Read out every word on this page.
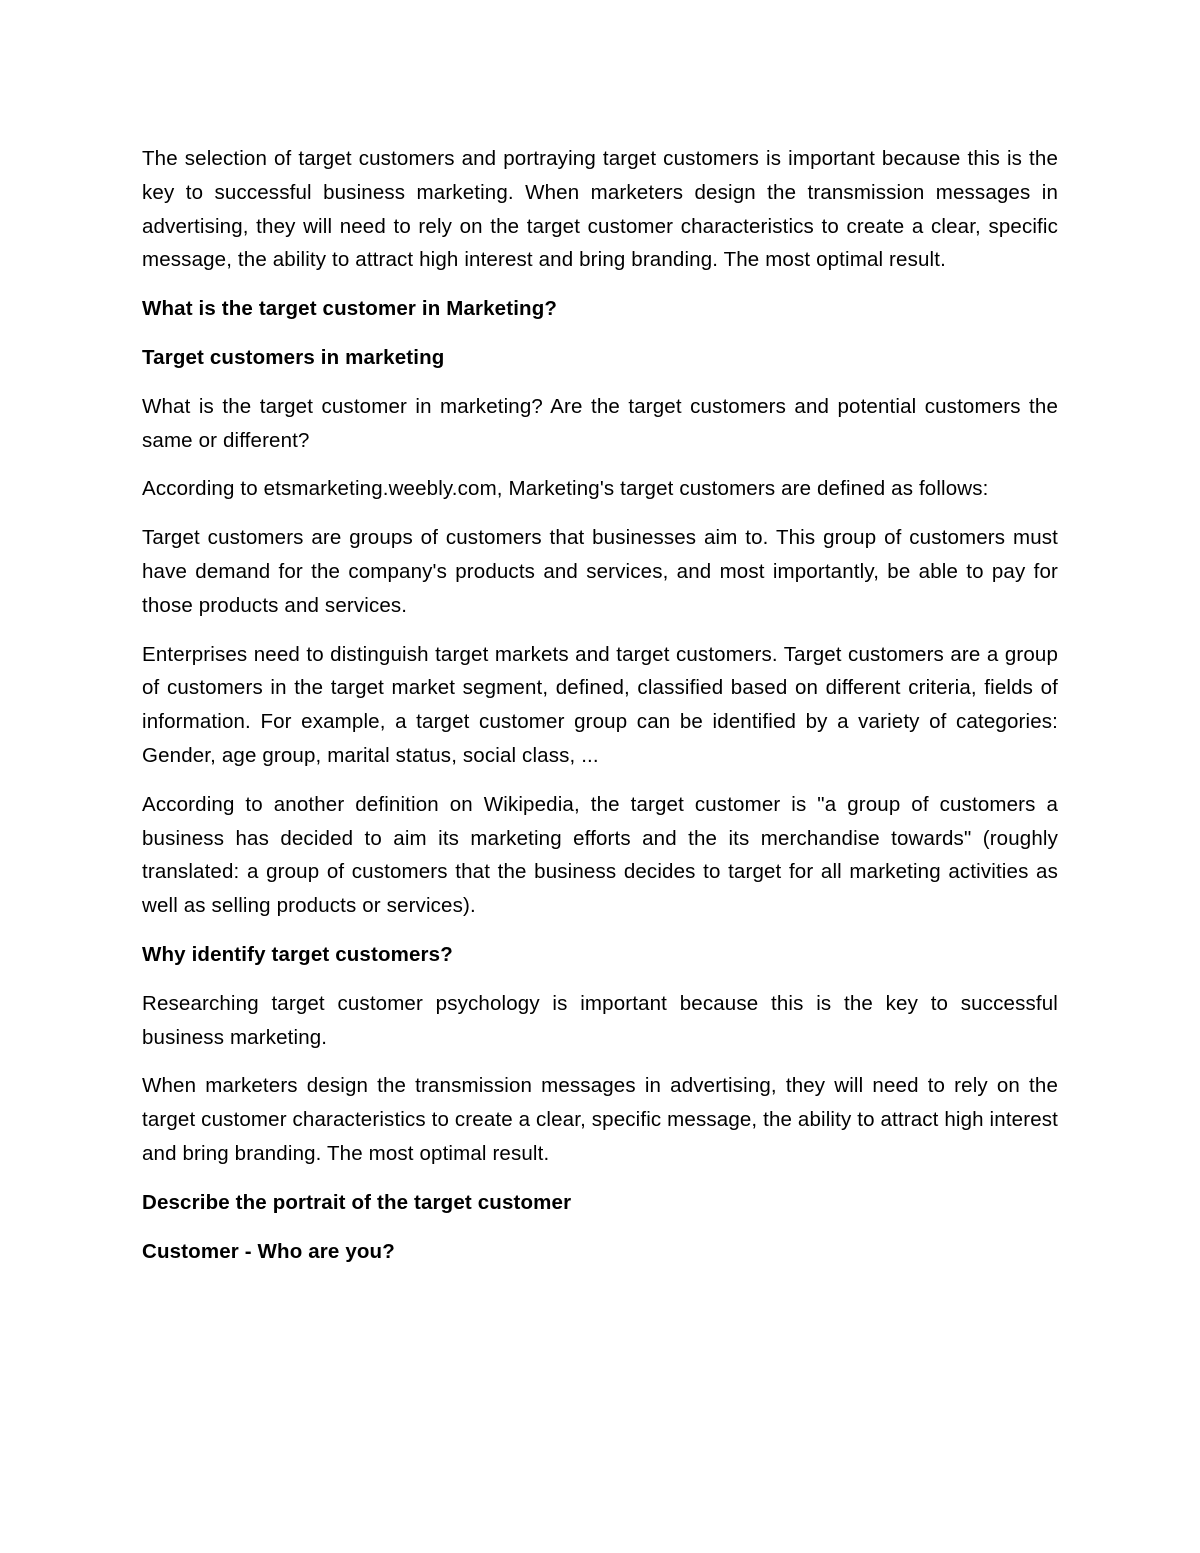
The selection of target customers and portraying target customers is important because this is the key to successful business marketing. When marketers design the transmission messages in advertising, they will need to rely on the target customer characteristics to create a clear, specific message, the ability to attract high interest and bring branding. The most optimal result.

What is the target customer in Marketing?

Target customers in marketing

What is the target customer in marketing? Are the target customers and potential customers the same or different?

According to etsmarketing.weebly.com, Marketing's target customers are defined as follows:

Target customers are groups of customers that businesses aim to. This group of customers must have demand for the company's products and services, and most importantly, be able to pay for those products and services.

Enterprises need to distinguish target markets and target customers. Target customers are a group of customers in the target market segment, defined, classified based on different criteria, fields of information. For example, a target customer group can be identified by a variety of categories: Gender, age group, marital status, social class, ...

According to another definition on Wikipedia, the target customer is "a group of customers a business has decided to aim its marketing efforts and the its merchandise towards" (roughly translated: a group of customers that the business decides to target for all marketing activities as well as selling products or services).

Why identify target customers?

Researching target customer psychology is important because this is the key to successful business marketing.

When marketers design the transmission messages in advertising, they will need to rely on the target customer characteristics to create a clear, specific message, the ability to attract high interest and bring branding. The most optimal result.

Describe the portrait of the target customer

Customer - Who are you?
